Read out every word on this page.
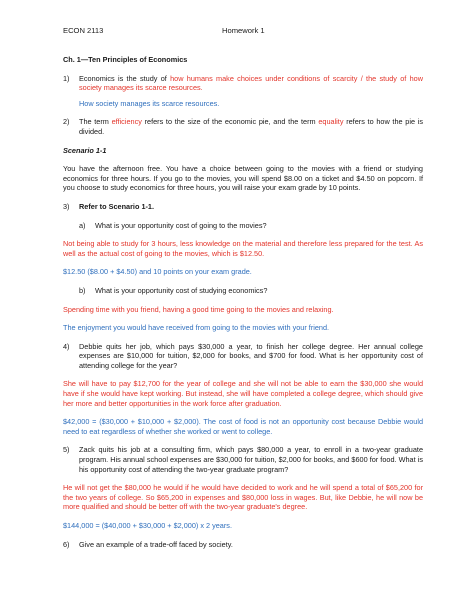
ECON 2113	Homework 1

Ch. 1—Ten Principles of Economics

1)	Economics is the study of how humans make choices under conditions of scarcity / the study of how society manages its scarce resources.

How society manages its scarce resources.

2)	The term efficiency refers to the size of the economic pie, and the term equality refers to how the pie is divided.

Scenario 1-1

You have the afternoon free. You have a choice between going to the movies with a friend or studying economics for three hours. If you go to the movies, you will spend $8.00 on a ticket and $4.50 on popcorn. If you choose to study economics for three hours, you will raise your exam grade by 10 points.

3)	Refer to Scenario 1-1.
a)	What is your opportunity cost of going to the movies?

Not being able to study for 3 hours, less knowledge on the material and therefore less prepared for the test. As well as the actual cost of going to the movies, which is $12.50.

$12.50 ($8.00 + $4.50) and 10 points on your exam grade.

b)	What is your opportunity cost of studying economics?

Spending time with you friend, having a good time going to the movies and relaxing.

The enjoyment you would have received from going to the movies with your friend.

4)	Debbie quits her job, which pays $30,000 a year, to finish her college degree. Her annual college expenses are $10,000 for tuition, $2,000 for books, and $700 for food. What is her opportunity cost of attending college for the year?

She will have to pay $12,700 for the year of college and she will not be able to earn the $30,000 she would have if she would have kept working. But instead, she will have completed a college degree, which should give her more and better opportunities in the work force after graduation.

$42,000 = ($30,000 + $10,000 + $2,000). The cost of food is not an opportunity cost because Debbie would need to eat regardless of whether she worked or went to college.

5)	Zack quits his job at a consulting firm, which pays $80,000 a year, to enroll in a two-year graduate program. His annual school expenses are $30,000 for tuition, $2,000 for books, and $600 for food. What is his opportunity cost of attending the two-year graduate program?

He will not get the $80,000 he would if he would have decided to work and he will spend a total of $65,200 for the two years of college. So $65,200 in expenses and $80,000 loss in wages. But, like Debbie, he will now be more qualified and should be better off with the two-year graduate's degree.

$144,000 = ($40,000 + $30,000 + $2,000) x 2 years.

6)	Give an example of a trade-off faced by society.
